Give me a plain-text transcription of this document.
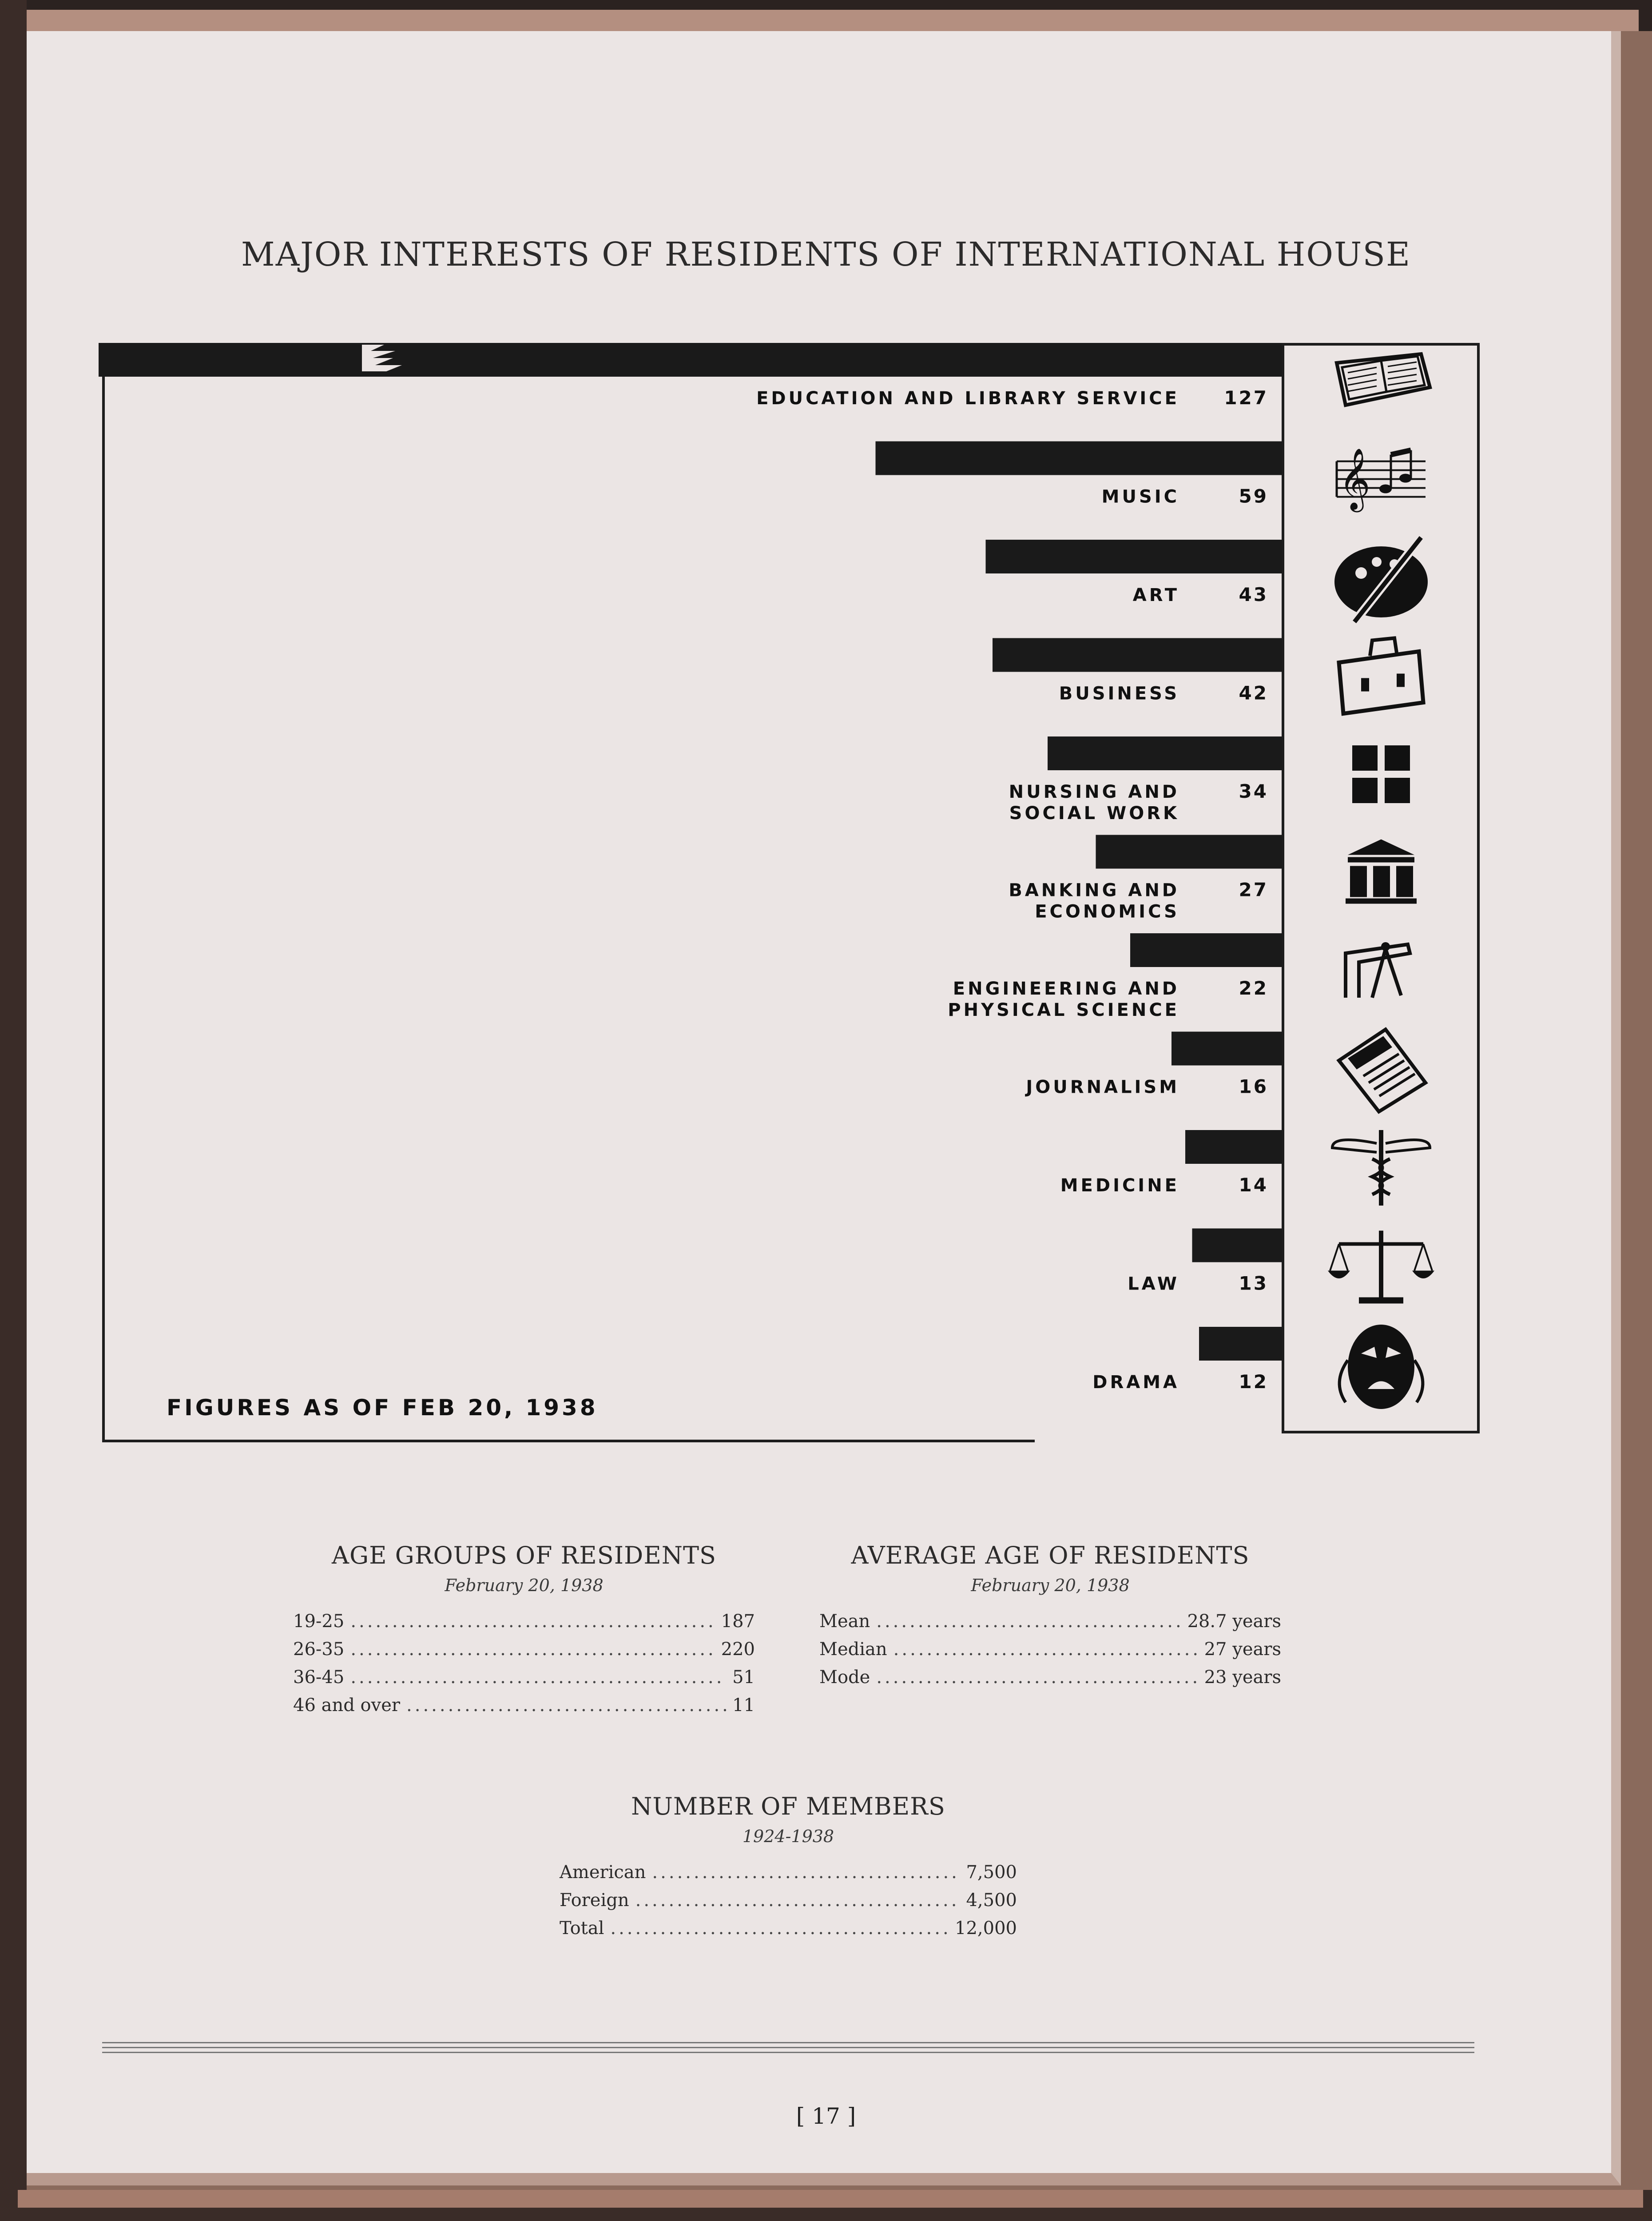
MAJOR INTERESTS OF RESIDENTS OF INTERNATIONAL HOUSE
EDUCATION AND LIBRARY SERVICE 127
MUSIC	59
ART	43
BUSINESS	42
NURSING AND
SOCIAL WORK
34
BANKING AND
ECONOMICS
27
ENGINEERING AND
PHYSICAL SCIENCE
22
JOURNALISM	16
MEDICINE	14
LAW	13
DRAMA	12
𝄞
FIGURES AS OF FEB 20, 1938
AGE GROUPS OF RESIDENTS
February 20, 1938
19-25 .....	187
26-35 .....	220
36-45 .....	51
46 and over .....	11
AVERAGE AGE OF RESIDENTS
February 20, 1938
Mean .....	28.7 years
Median .....	27 years
Mode .....	23 years
NUMBER OF MEMBERS
1924-1938
American .....	7,500
Foreign .....	4,500
Total .....	12,000
[ 17 ]
